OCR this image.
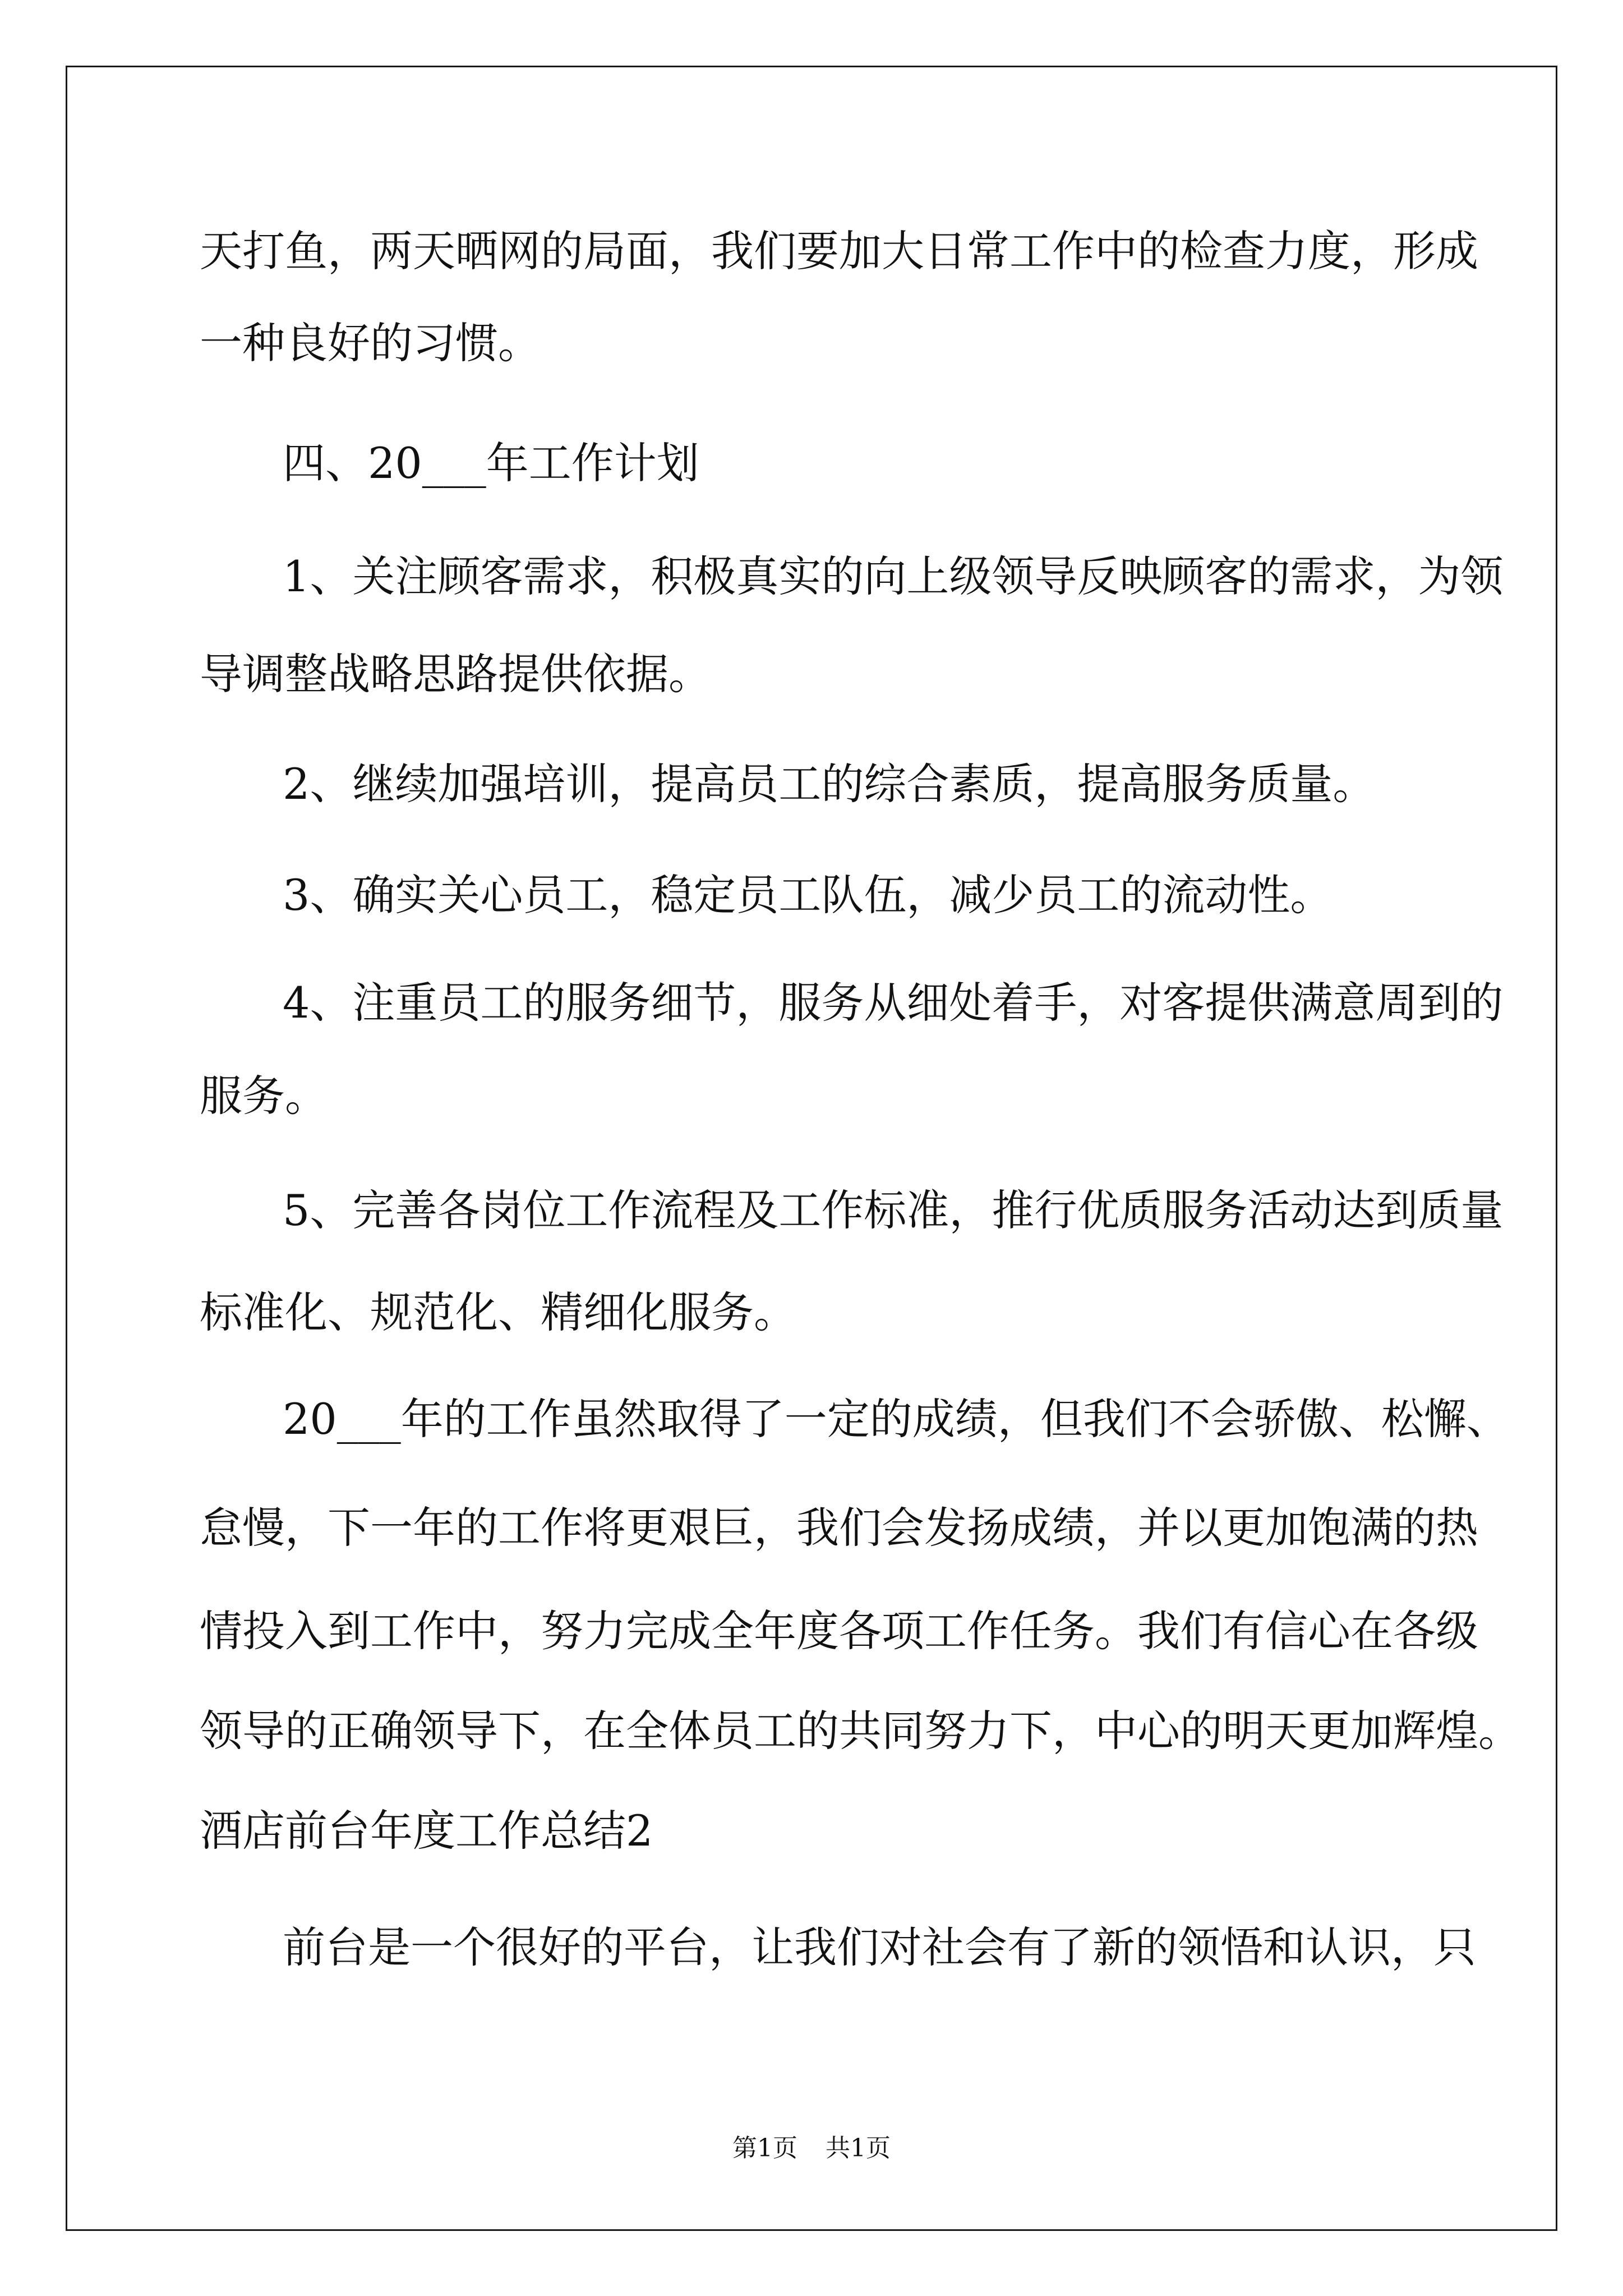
天打鱼，两天晒网的局面，我们要加大日常工作中的检查力度，形成
一种良好的习惯。
四、20___年工作计划
1、关注顾客需求，积极真实的向上级领导反映顾客的需求，为领
导调整战略思路提供依据。
2、继续加强培训，提高员工的综合素质，提高服务质量。
3、确实关心员工，稳定员工队伍，减少员工的流动性。
4、注重员工的服务细节，服务从细处着手，对客提供满意周到的
服务。
5、完善各岗位工作流程及工作标准，推行优质服务活动达到质量
标准化、规范化、精细化服务。
20___年的工作虽然取得了一定的成绩，但我们不会骄傲、松懈、
怠慢，下一年的工作将更艰巨，我们会发扬成绩，并以更加饱满的热
情投入到工作中，努力完成全年度各项工作任务。我们有信心在各级
领导的正确领导下，在全体员工的共同努力下，中心的明天更加辉煌。
酒店前台年度工作总结2
前台是一个很好的平台，让我们对社会有了新的领悟和认识，只
第1页 共1页
